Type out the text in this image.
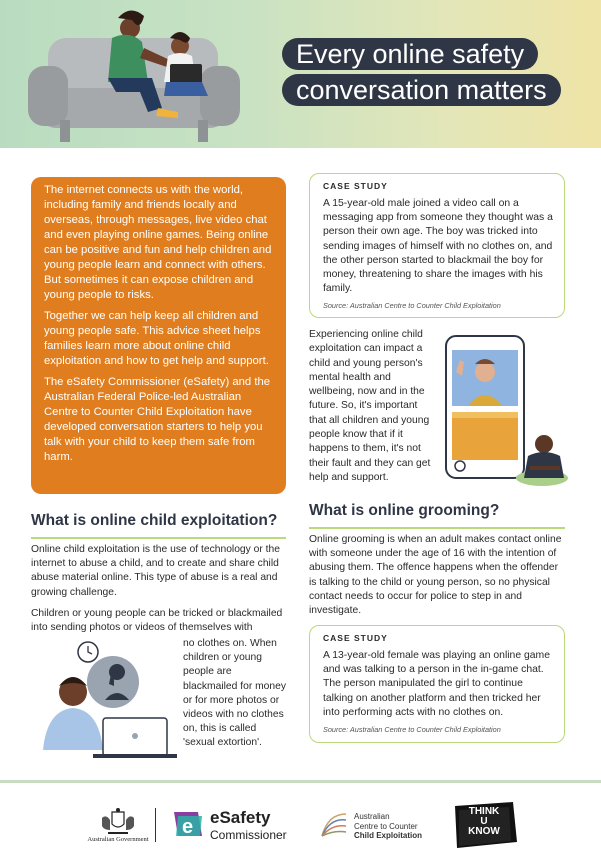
Every online safety
conversation matters

The internet connects us with the world, including family and friends locally and overseas, through messages, live video chat and even playing online games. Being online can be positive and fun and help children and young people learn and connect with others. But sometimes it can expose children and young people to risks.

Together we can help keep all children and young people safe. This advice sheet helps families learn more about online child exploitation and how to get help and support.

The eSafety Commissioner (eSafety) and the Australian Federal Police-led Australian Centre to Counter Child Exploitation have developed conversation starters to help you talk with your child to keep them safe from harm.

CASE STUDY
A 15-year-old male joined a video call on a messaging app from someone they thought was a person their own age. The boy was tricked into sending images of himself with no clothes on, and the other person started to blackmail the boy for money, threatening to share the images with his family.
Source: Australian Centre to Counter Child Exploitation
Experiencing online child exploitation can impact a child and young person's mental health and wellbeing, now and in the future. So, it's important that all children and young people know that if it happens to them, it's not their fault and they can get help and support.
What is online child exploitation?
Online child exploitation is the use of technology or the internet to abuse a child, and to create and share child abuse material online. This type of abuse is a real and growing challenge.
Children or young people can be tricked or blackmailed into sending photos or videos of themselves with
no clothes on. When children or young people are blackmailed for money or for more photos or videos with no clothes on, this is called 'sexual extortion'.
What is online grooming?
Online grooming is when an adult makes contact online with someone under the age of 16 with the intention of abusing them. The offence happens when the offender is talking to the child or young person, so no physical contact needs to occur for police to step in and investigate.
CASE STUDY
A 13-year-old female was playing an online game and was talking to a person in the in-game chat. The person manipulated the girl to continue talking on another platform and then tricked her into performing acts with no clothes on.
Source: Australian Centre to Counter Child Exploitation
Australian Government
e eSafety
Commissioner
Australian
Centre to Counter
Child Exploitation
THINK
U
KNOW
